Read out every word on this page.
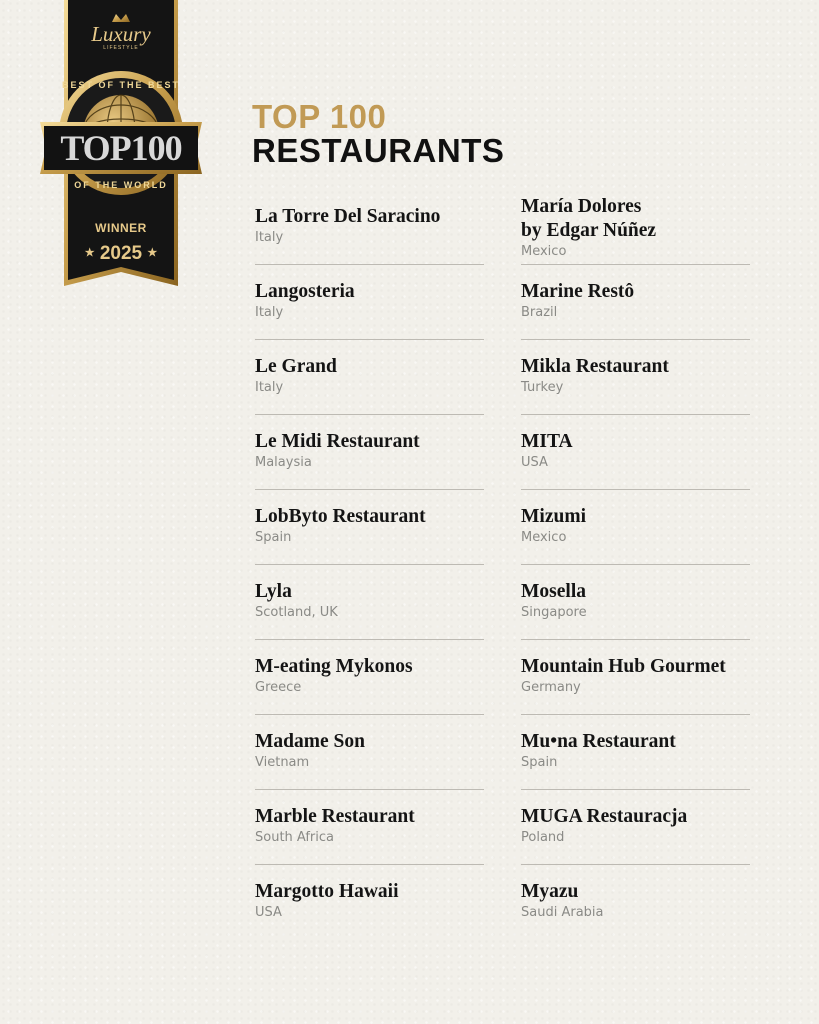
Luxury
LIFESTYLE
BEST OF THE BEST
TOP100
OF THE WORLD
WINNER
★ 2025 ★
TOP 100
RESTAURANTS
La Torre Del Saracino
Italy
Langosteria
Italy
Le Grand
Italy
Le Midi Restaurant
Malaysia
LobByto Restaurant
Spain
Lyla
Scotland, UK
M-eating Mykonos
Greece
Madame Son
Vietnam
Marble Restaurant
South Africa
Margotto Hawaii
USA
María Dolores
by Edgar Núñez
Mexico
Marine Restô
Brazil
Mikla Restaurant
Turkey
MITA
USA
Mizumi
Mexico
Mosella
Singapore
Mountain Hub Gourmet
Germany
Mu•na Restaurant
Spain
MUGA Restauracja
Poland
Myazu
Saudi Arabia
